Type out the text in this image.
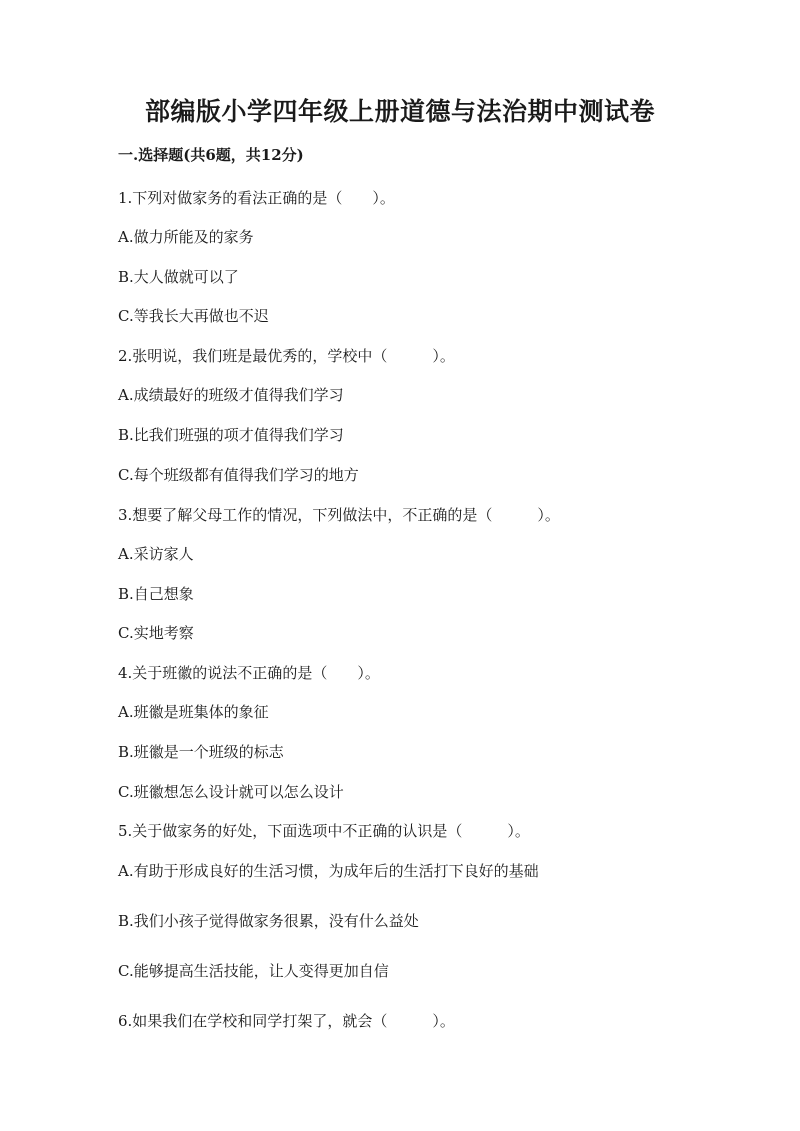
部编版小学四年级上册道德与法治期中测试卷
一.选择题(共6题，共12分)
1.下列对做家务的看法正确的是（　　）。
A.做力所能及的家务
B.大人做就可以了
C.等我长大再做也不迟
2.张明说，我们班是最优秀的，学校中（　　　）。
A.成绩最好的班级才值得我们学习
B.比我们班强的项才值得我们学习
C.每个班级都有值得我们学习的地方
3.想要了解父母工作的情况，下列做法中，不正确的是（　　　）。
A.采访家人
B.自己想象
C.实地考察
4.关于班徽的说法不正确的是（　　）。
A.班徽是班集体的象征
B.班徽是一个班级的标志
C.班徽想怎么设计就可以怎么设计
5.关于做家务的好处，下面选项中不正确的认识是（　　　）。
A.有助于形成良好的生活习惯，为成年后的生活打下良好的基础
B.我们小孩子觉得做家务很累，没有什么益处
C.能够提高生活技能，让人变得更加自信
6.如果我们在学校和同学打架了，就会（　　　）。
